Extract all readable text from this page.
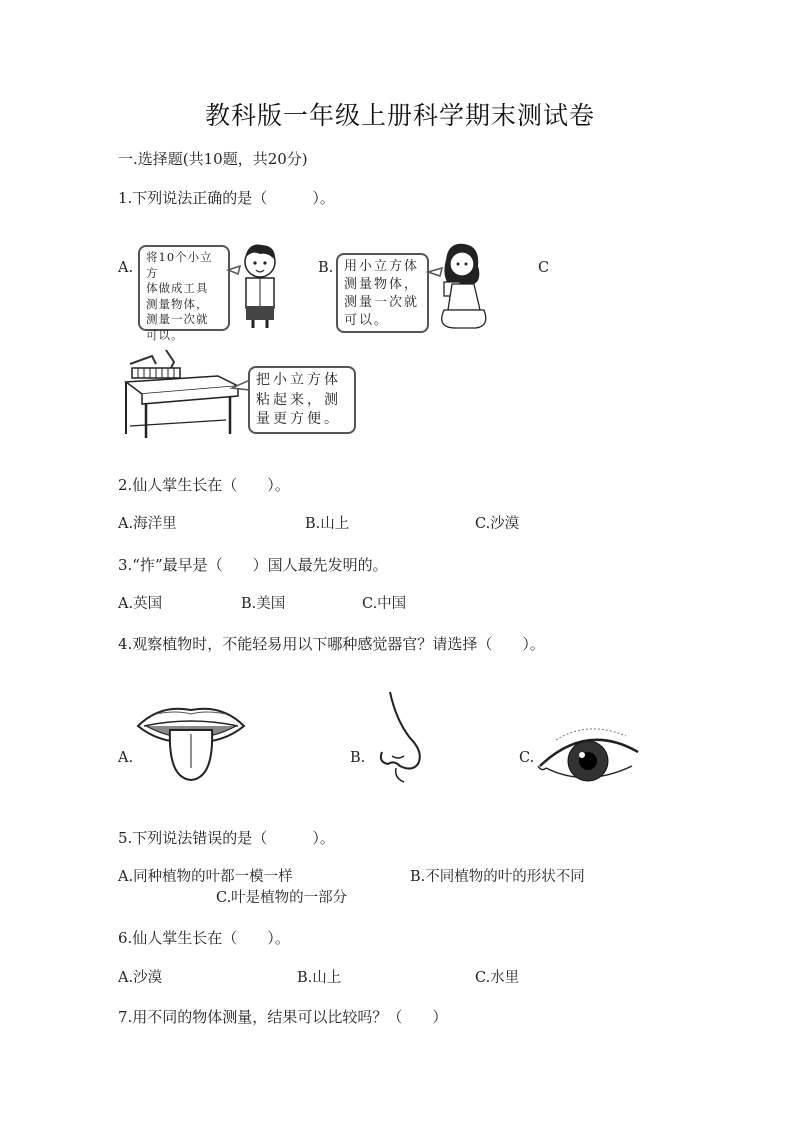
教科版一年级上册科学期末测试卷
一.选择题(共10题，共20分)
1.下列说法正确的是（　　　）。
A.
将10个小立方
体做成工具
测量物体，
测量一次就
可以。
B. 用小立方体
测量物体，
测量一次就
可以。
C
把小立方体
粘起来，测
量更方便。
2.仙人掌生长在（　　）。
A.海洋里	B.山上	C.沙漠
3.“拃”最早是（　　）国人最先发明的。
A.英国	B.美国	C.中国
4.观察植物时，不能轻易用以下哪种感觉器官？请选择（　　）。
A.	B.	C.
5.下列说法错误的是（　　　）。
A.同种植物的叶都一模一样	B.不同植物的叶的形状不同
C.叶是植物的一部分
6.仙人掌生长在（　　）。
A.沙漠	B.山上	C.水里
7.用不同的物体测量，结果可以比较吗？（　　）
